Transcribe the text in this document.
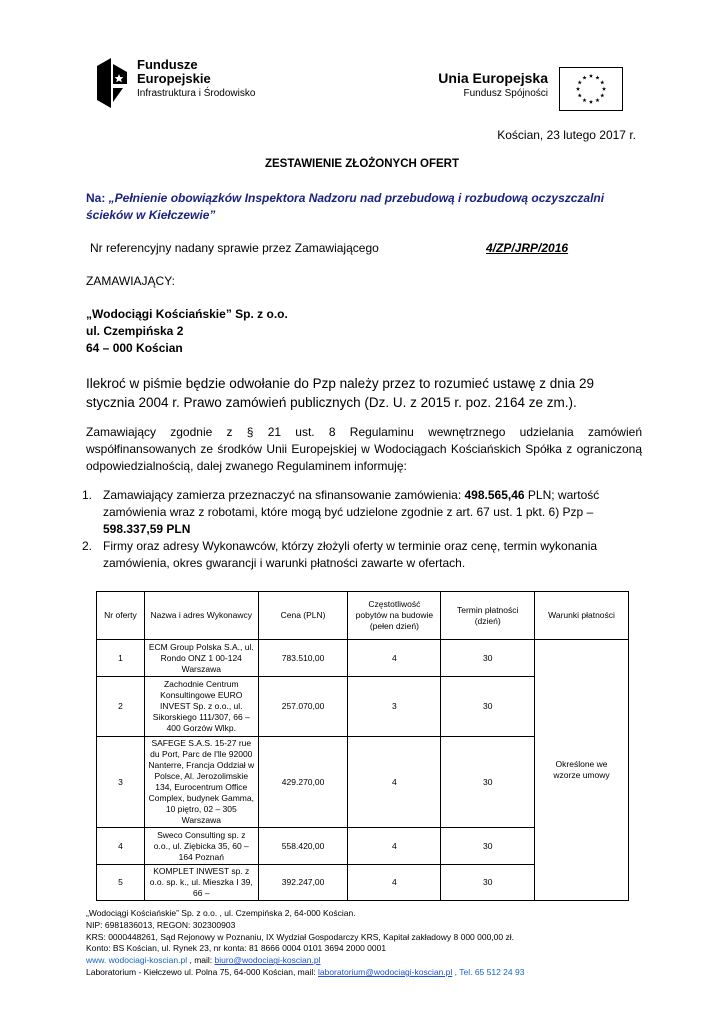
Fundusze
Europejskie
Infrastruktura i Środowisko
Unia Europejska
Fundusz Spójności
Kościan, 23 lutego 2017 r.
ZESTAWIENIE ZŁOŻONYCH OFERT
Na: „Pełnienie obowiązków Inspektora Nadzoru nad przebudową i rozbudową oczyszczalni ścieków w Kiełczewie”
Nr referencyjny nadany sprawie przez Zamawiającego	4/ZP/JRP/2016
ZAMAWIAJĄCY:
„Wodociągi Kościańskie” Sp. z o.o.
ul. Czempińska 2
64 – 000 Kościan
Ilekroć w piśmie będzie odwołanie do Pzp należy przez to rozumieć ustawę z dnia 29 stycznia 2004 r. Prawo zamówień publicznych (Dz. U. z 2015 r. poz. 2164 ze zm.).
Zamawiający zgodnie z § 21 ust. 8 Regulaminu wewnętrznego udzielania zamówień współfinansowanych ze środków Unii Europejskiej w Wodociągach Kościańskich Spółka z ograniczoną odpowiedzialnością, dalej zwanego Regulaminem informuję:
1. Zamawiający zamierza przeznaczyć na sfinansowanie zamówienia: 498.565,46 PLN; wartość zamówienia wraz z robotami, które mogą być udzielone zgodnie z art. 67 ust. 1 pkt. 6) Pzp – 598.337,59 PLN
2. Firmy oraz adresy Wykonawców, którzy złożyli oferty w terminie oraz cenę, termin wykonania zamówienia, okres gwarancji i warunki płatności zawarte w ofertach.
Nr oferty	Nazwa i adres Wykonawcy	Cena (PLN)	Częstotliwość pobytów na budowie (pełen dzień)	Termin płatności (dzień)	Warunki płatności
1	ECM Group Polska S.A., ul. Rondo ONZ 1 00-124 Warszawa	783.510,00	4	30	Określone we wzorze umowy
2	Zachodnie Centrum Konsultingowe EURO INVEST Sp. z o.o., ul. Sikorskiego 111/307, 66 – 400 Gorzów Wlkp.	257.070,00	3	30	
3	SAFEGE S.A.S. 15-27 rue du Port, Parc de I'lle 92000 Nanterre, Francja Oddział w Polsce, Al. Jerozolimskie 134, Eurocentrum Office Complex, budynek Gamma, 10 piętro, 02 – 305 Warszawa	429.270,00	4	30	
4	Sweco Consulting sp. z o.o., ul. Ziębicka 35, 60 – 164 Poznań	558.420,00	4	30	
5	KOMPLET INWEST sp. z o.o. sp. k., ul. Mieszka I 39, 66 –	392.247,00	4	30	
„Wodociągi Kościańskie” Sp. z o.o. , ul. Czempińska 2, 64-000 Kościan.
NIP: 6981836013, REGON: 302300903
KRS: 0000448261, Sąd Rejonowy w Poznaniu, IX Wydział Gospodarczy KRS, Kapitał zakładowy 8 000 000,00 zł.
Konto: BS Kościan, ul. Rynek 23, nr konta: 81 8666 0004 0101 3694 2000 0001
www. wodociagi-koscian.pl , mail: biuro@wodociagi-koscian.pl
Laboratorium - Kiełczewo ul. Polna 75, 64-000 Kościan, mail: laboratorium@wodociagi-koscian.pl , Tel. 65 512 24 93
